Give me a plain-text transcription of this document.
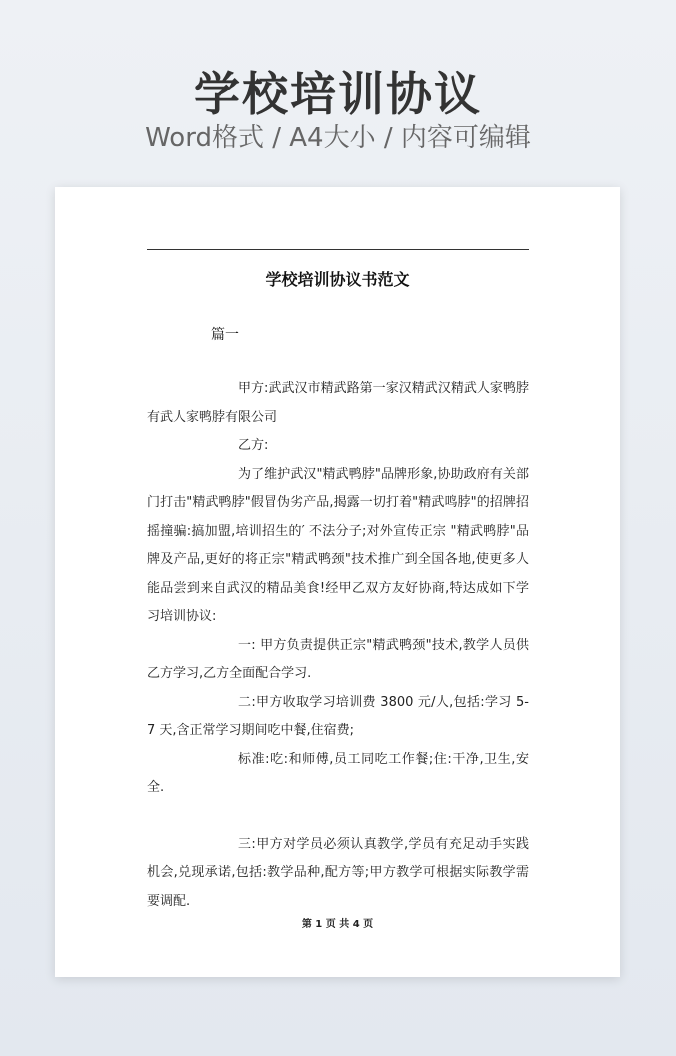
学校培训协议
Word格式 / A4大小 / 内容可编辑
学校培训协议书范文
篇一

甲方:武武汉市精武路第一家汉精武汉精武人家鸭脖有武人家鸭脖有限公司

乙方:

为了维护武汉"精武鸭脖"品牌形象,协助政府有关部门打击"精武鸭脖"假冒伪劣产品,揭露一切打着"精武鸣脖"的招牌招摇撞骗:搞加盟,培训招生的′ 不法分子;对外宣传正宗 "精武鸭脖"品牌及产品,更好的将正宗"精武鸭颈"技术推广到全国各地,使更多人能品尝到来自武汉的精品美食!经甲乙双方友好协商,特达成如下学习培训协议:

一: 甲方负责提供正宗"精武鸭颈"技术,教学人员供乙方学习,乙方全面配合学习.

二:甲方收取学习培训费 3800 元/人,包括:学习 5-7 天,含正常学习期间吃中餐,住宿费;

标准:吃:和师傅,员工同吃工作餐;住:干净,卫生,安全.

三:甲方对学员必须认真教学,学员有充足动手实践机会,兑现承诺,包括:教学品种,配方等;甲方教学可根据实际教学需要调配.

第 1 页 共 4 页
